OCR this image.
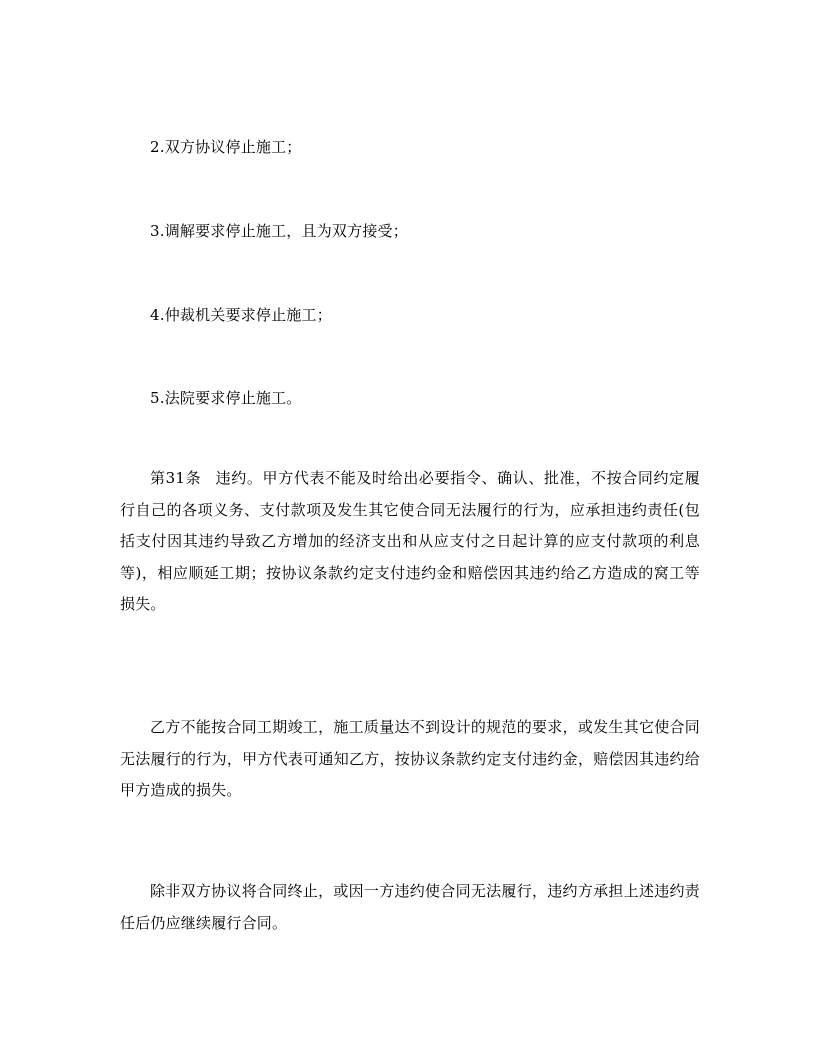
2.双方协议停止施工；

3.调解要求停止施工，且为双方接受；

4.仲裁机关要求停止施工；

5.法院要求停止施工。

第31条 违约。甲方代表不能及时给出必要指令、确认、批准，不按合同约定履行自己的各项义务、支付款项及发生其它使合同无法履行的行为，应承担违约责任(包括支付因其违约导致乙方增加的经济支出和从应支付之日起计算的应支付款项的利息等)，相应顺延工期；按协议条款约定支付违约金和赔偿因其违约给乙方造成的窝工等损失。

乙方不能按合同工期竣工，施工质量达不到设计的规范的要求，或发生其它使合同无法履行的行为，甲方代表可通知乙方，按协议条款约定支付违约金，赔偿因其违约给甲方造成的损失。

除非双方协议将合同终止，或因一方违约使合同无法履行，违约方承担上述违约责任后仍应继续履行合同。
